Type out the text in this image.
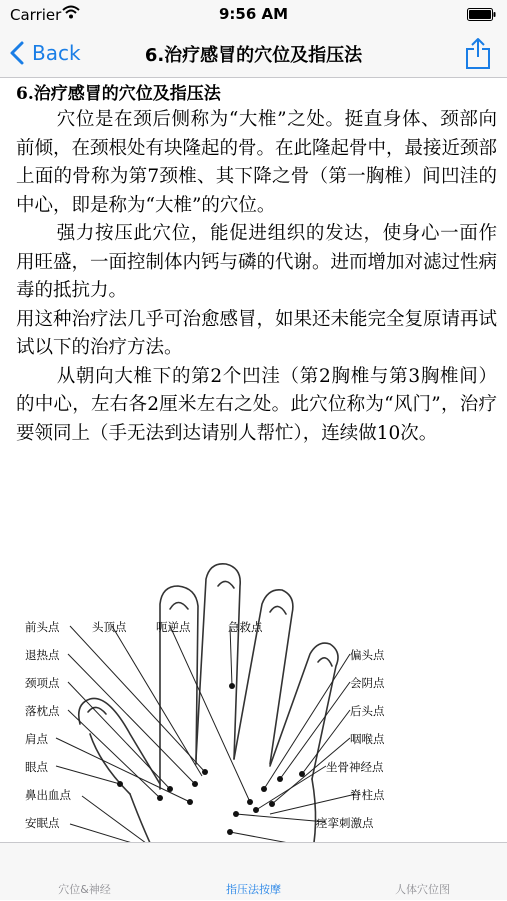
Carrier	9:56 AM
Back	6.治疗感冒的穴位及指压法
6.治疗感冒的穴位及指压法

穴位是在颈后侧称为“大椎”之处。挺直身体、颈部向前倾，在颈根处有块隆起的骨。在此隆起骨中，最接近颈部上面的骨称为第7颈椎、其下降之骨（第一胸椎）间凹洼的中心，即是称为“大椎”的穴位。

强力按压此穴位，能促进组织的发达，使身心一面作用旺盛，一面控制体内钙与磷的代谢。进而增加对滤过性病毒的抵抗力。

用这种治疗法几乎可治愈感冒，如果还未能完全复原请再试试以下的治疗方法。

从朝向大椎下的第2个凹洼（第2胸椎与第3胸椎间）的中心，左右各2厘米左右之处。此穴位称为“风门”，治疗要领同上（手无法到达请别人帮忙），连续做10次。

前头点
退热点
颈项点
落枕点
肩点
眼点
鼻出血点
安眠点
头顶点	呃逆点	急救点
偏头点
会阴点
后头点
咽喉点
坐骨神经点
脊柱点
痉挛刺激点
穴位&神经	指压法按摩	人体穴位图
